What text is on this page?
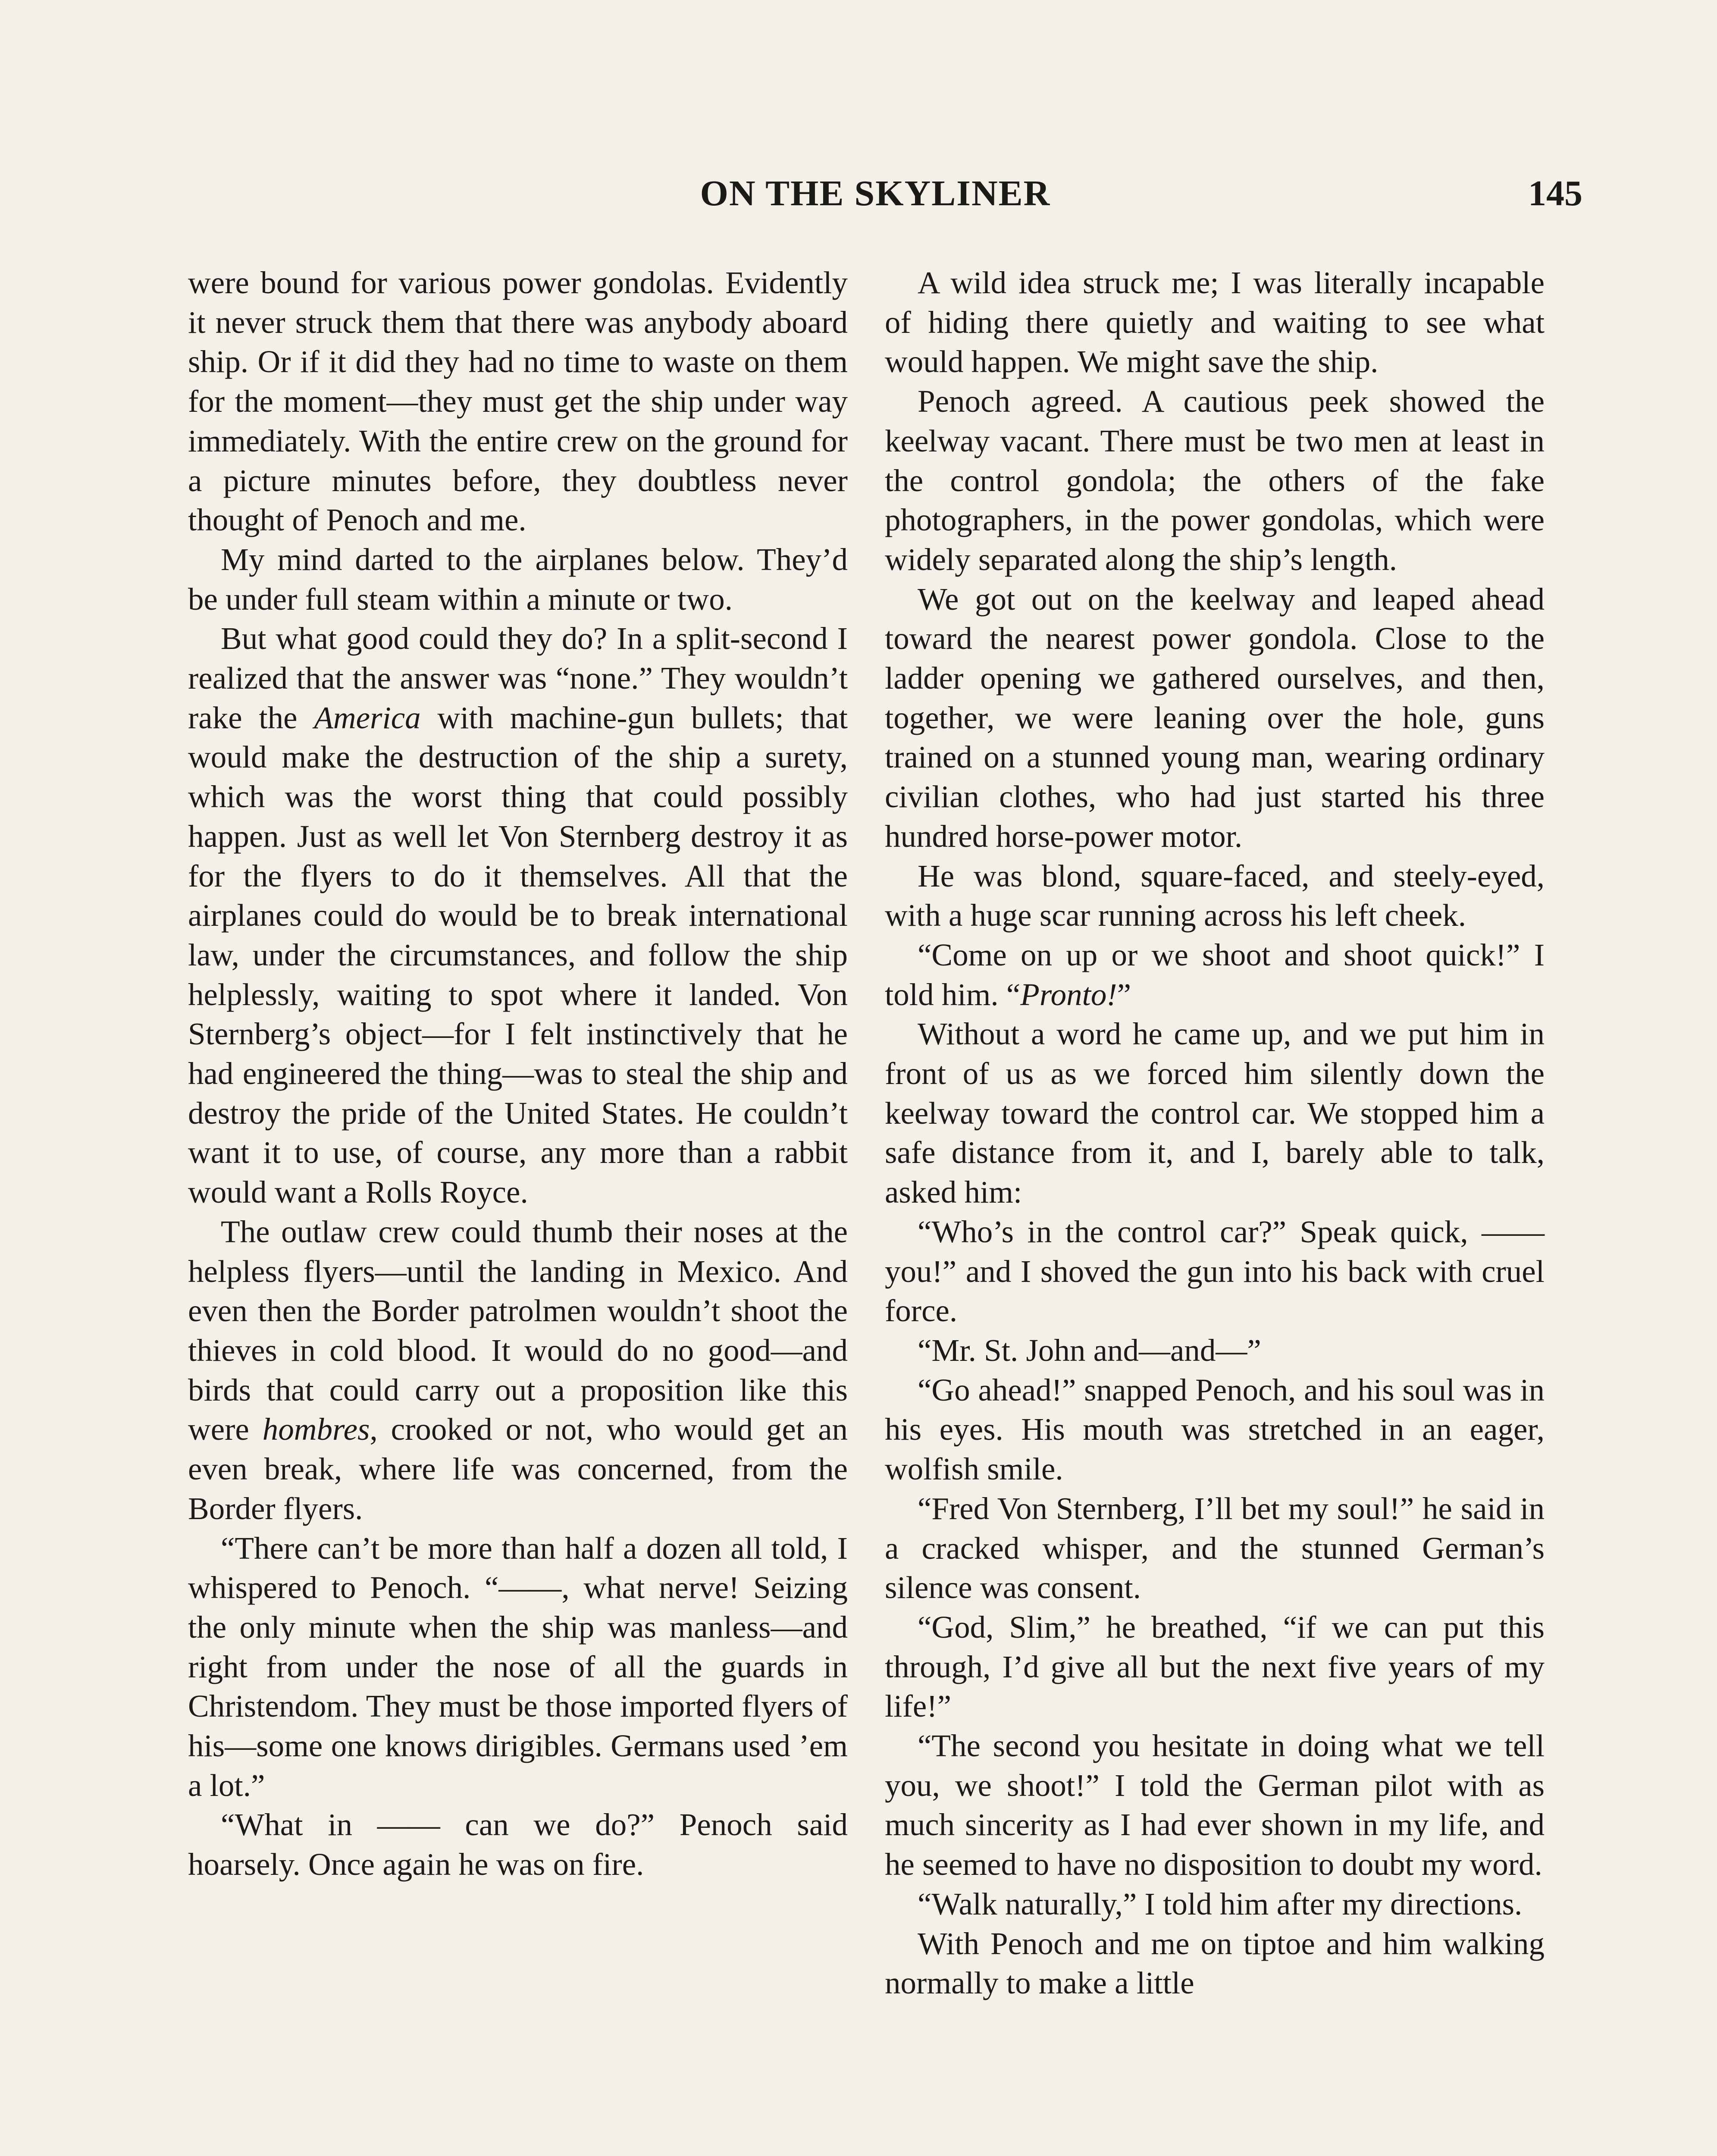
ON THE SKYLINER	145

were bound for various power gondolas. Evidently it never struck them that there was anybody aboard ship. Or if it did they had no time to waste on them for the moment—they must get the ship under way immediately. With the entire crew on the ground for a picture minutes before, they doubtless never thought of Penoch and me.

My mind darted to the airplanes below. They’d be under full steam within a minute or two.

But what good could they do? In a split-second I realized that the answer was “none.” They wouldn’t rake the America with machine-gun bullets; that would make the destruction of the ship a surety, which was the worst thing that could possibly happen. Just as well let Von Sternberg destroy it as for the flyers to do it themselves. All that the airplanes could do would be to break international law, under the circumstances, and follow the ship helplessly, waiting to spot where it landed. Von Sternberg’s object—for I felt instinctively that he had engineered the thing—was to steal the ship and destroy the pride of the United States. He couldn’t want it to use, of course, any more than a rabbit would want a Rolls Royce.

The outlaw crew could thumb their noses at the helpless flyers—until the landing in Mexico. And even then the Border patrolmen wouldn’t shoot the thieves in cold blood. It would do no good—and birds that could carry out a proposition like this were hombres, crooked or not, who would get an even break, where life was concerned, from the Border flyers.

“There can’t be more than half a dozen all told, I whispered to Penoch. “——, what nerve! Seizing the only minute when the ship was manless—and right from under the nose of all the guards in Christendom. They must be those imported flyers of his—some one knows dirigibles. Germans used ’em a lot.”

“What in —— can we do?” Penoch said hoarsely. Once again he was on fire.

A wild idea struck me; I was literally incapable of hiding there quietly and waiting to see what would happen. We might save the ship.

Penoch agreed. A cautious peek showed the keelway vacant. There must be two men at least in the control gondola; the others of the fake photographers, in the power gondolas, which were widely separated along the ship’s length.

We got out on the keelway and leaped ahead toward the nearest power gondola. Close to the ladder opening we gathered ourselves, and then, together, we were leaning over the hole, guns trained on a stunned young man, wearing ordinary civilian clothes, who had just started his three hundred horse-power motor.

He was blond, square-faced, and steely-eyed, with a huge scar running across his left cheek.

“Come on up or we shoot and shoot quick!” I told him. “Pronto!”

Without a word he came up, and we put him in front of us as we forced him silently down the keelway toward the control car. We stopped him a safe distance from it, and I, barely able to talk, asked him:

“Who’s in the control car?” Speak quick, —— you!” and I shoved the gun into his back with cruel force.

“Mr. St. John and—and—”

“Go ahead!” snapped Penoch, and his soul was in his eyes. His mouth was stretched in an eager, wolfish smile.

“Fred Von Sternberg, I’ll bet my soul!” he said in a cracked whisper, and the stunned German’s silence was consent.

“God, Slim,” he breathed, “if we can put this through, I’d give all but the next five years of my life!”

“The second you hesitate in doing what we tell you, we shoot!” I told the German pilot with as much sincerity as I had ever shown in my life, and he seemed to have no disposition to doubt my word.

“Walk naturally,” I told him after my directions.

With Penoch and me on tiptoe and him walking normally to make a little
